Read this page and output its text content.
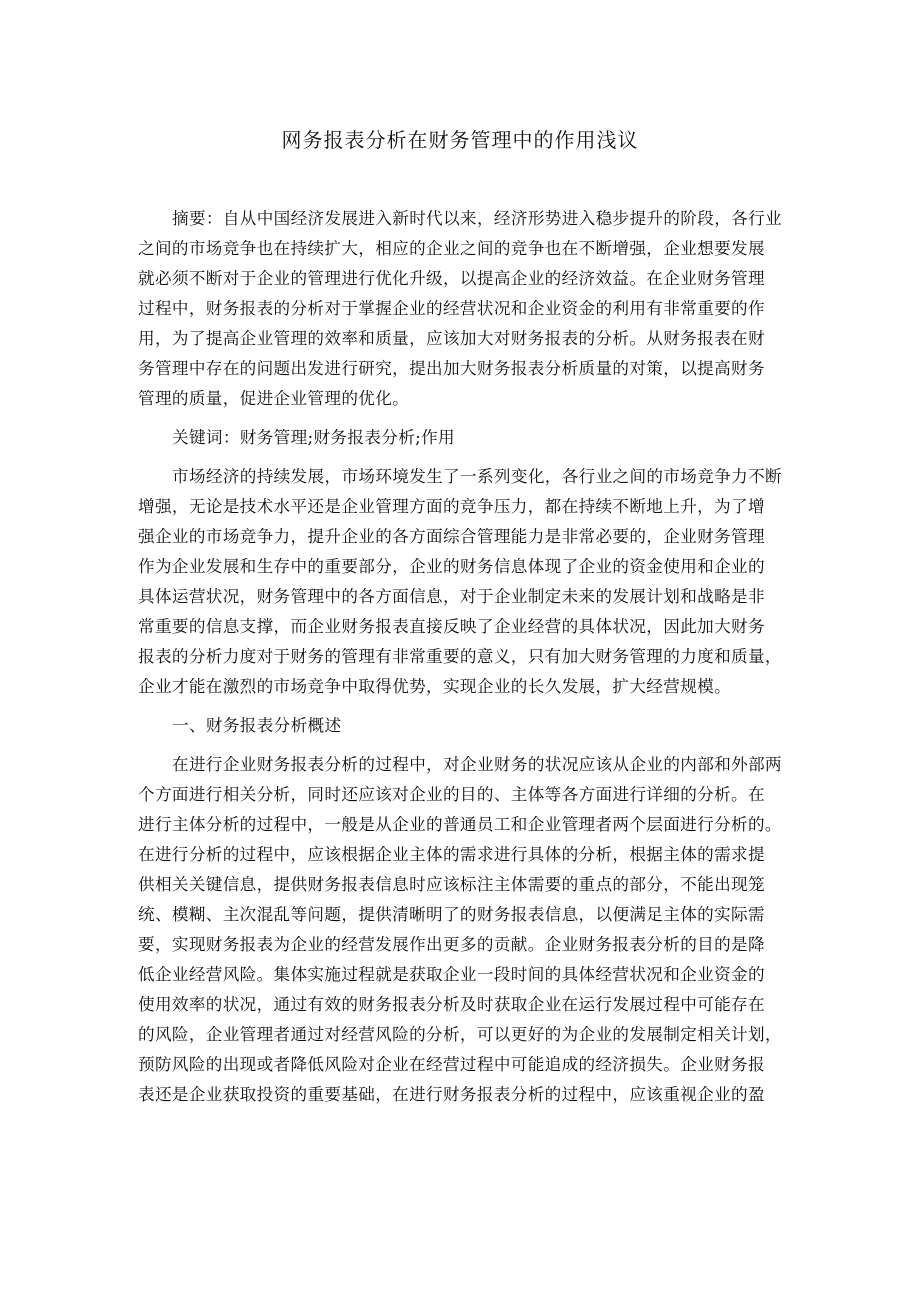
网务报表分析在财务管理中的作用浅议
摘要：自从中国经济发展进入新时代以来，经济形势进入稳步提升的阶段，各行业
之间的市场竞争也在持续扩大，相应的企业之间的竞争也在不断增强，企业想要发展
就必须不断对于企业的管理进行优化升级，以提高企业的经济效益。在企业财务管理
过程中，财务报表的分析对于掌握企业的经营状况和企业资金的利用有非常重要的作
用，为了提高企业管理的效率和质量，应该加大对财务报表的分析。从财务报表在财
务管理中存在的问题出发进行研究，提出加大财务报表分析质量的对策，以提高财务
管理的质量，促进企业管理的优化。
关键词：财务管理;财务报表分析;作用
市场经济的持续发展，市场环境发生了一系列变化，各行业之间的市场竞争力不断
增强，无论是技术水平还是企业管理方面的竞争压力，都在持续不断地上升，为了增
强企业的市场竞争力，提升企业的各方面综合管理能力是非常必要的，企业财务管理
作为企业发展和生存中的重要部分，企业的财务信息体现了企业的资金使用和企业的
具体运营状况，财务管理中的各方面信息，对于企业制定未来的发展计划和战略是非
常重要的信息支撑，而企业财务报表直接反映了企业经营的具体状况，因此加大财务
报表的分析力度对于财务的管理有非常重要的意义，只有加大财务管理的力度和质量，
企业才能在激烈的市场竞争中取得优势，实现企业的长久发展，扩大经营规模。
一、财务报表分析概述
在进行企业财务报表分析的过程中，对企业财务的状况应该从企业的内部和外部两
个方面进行相关分析，同时还应该对企业的目的、主体等各方面进行详细的分析。在
进行主体分析的过程中，一般是从企业的普通员工和企业管理者两个层面进行分析的。
在进行分析的过程中，应该根据企业主体的需求进行具体的分析，根据主体的需求提
供相关关键信息，提供财务报表信息时应该标注主体需要的重点的部分，不能出现笼
统、模糊、主次混乱等问题，提供清晰明了的财务报表信息，以便满足主体的实际需
要，实现财务报表为企业的经营发展作出更多的贡献。企业财务报表分析的目的是降
低企业经营风险。集体实施过程就是获取企业一段时间的具体经营状况和企业资金的
使用效率的状况，通过有效的财务报表分析及时获取企业在运行发展过程中可能存在
的风险，企业管理者通过对经营风险的分析，可以更好的为企业的发展制定相关计划，
预防风险的出现或者降低风险对企业在经营过程中可能追成的经济损失。企业财务报
表还是企业获取投资的重要基础，在进行财务报表分析的过程中，应该重视企业的盈
